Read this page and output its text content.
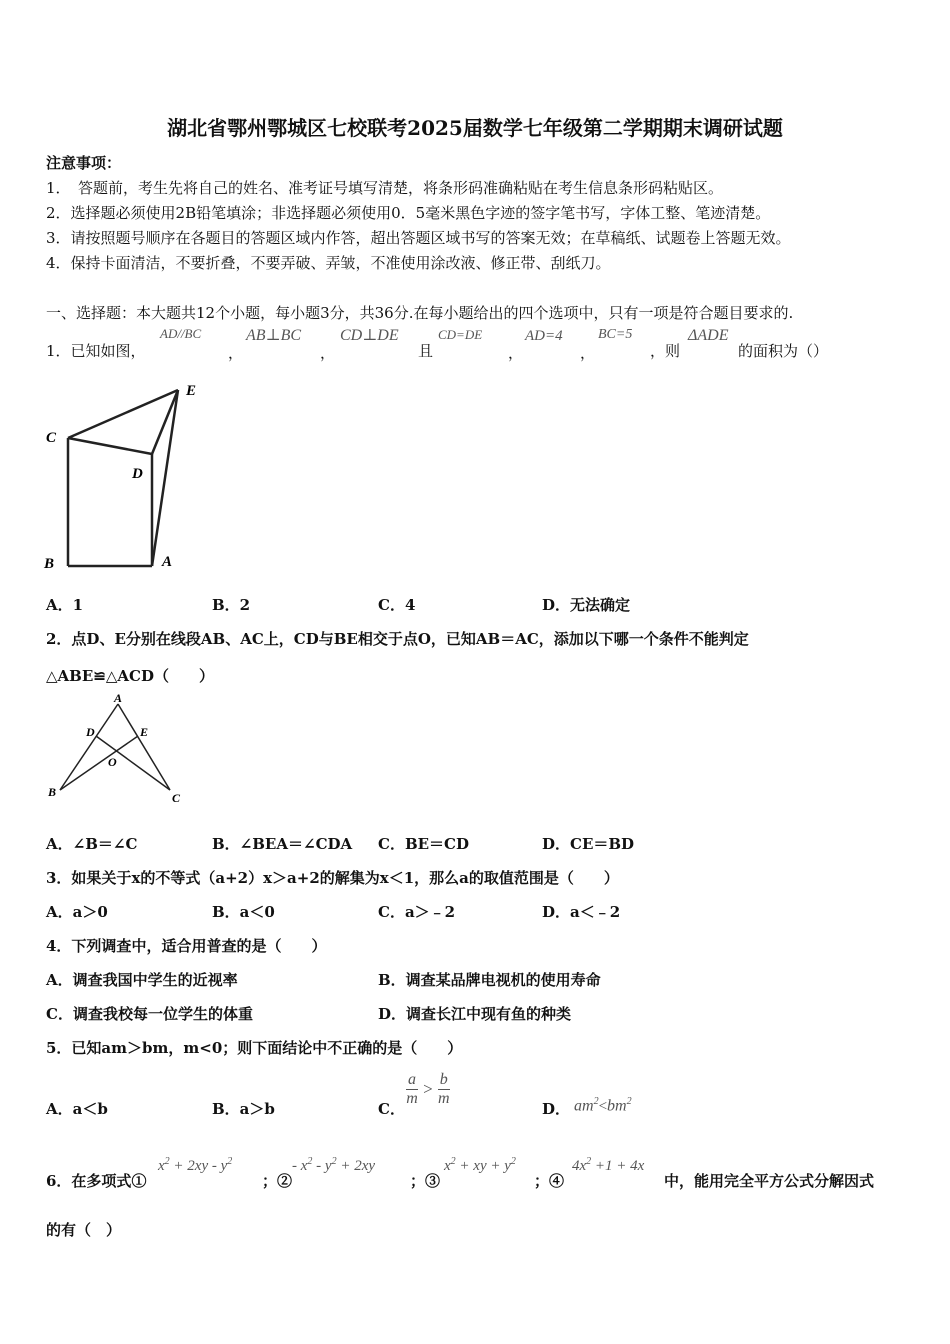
湖北省鄂州鄂城区七校联考2025届数学七年级第二学期期末调研试题
注意事项：
1．　答题前，考生先将自己的姓名、准考证号填写清楚，将条形码准确粘贴在考生信息条形码粘贴区。
2．选择题必须使用2B铅笔填涂；非选择题必须使用0．5毫米黑色字迹的签字笔书写，字体工整、笔迹清楚。
3．请按照题号顺序在各题目的答题区域内作答，超出答题区域书写的答案无效；在草稿纸、试题卷上答题无效。
4．保持卡面清洁，不要折叠，不要弄破、弄皱，不准使用涂改液、修正带、刮纸刀。
一、选择题：本大题共12个小题，每小题3分，共36分.在每小题给出的四个选项中，只有一项是符合题目要求的.
1．已知如图，
AD//BC
，
AB⊥BC
，
CD⊥DE
且
CD=DE
，
AD=4
，
BC=5
，则
ΔADE
的面积为（）
E
C
D
B	A
A．1	B．2	C．4	D．无法确定
2．点D、E分别在线段AB、AC上，CD与BE相交于点O，已知AB＝AC，添加以下哪一个条件不能判定
△ABE≌△ACD（　　）
A
D	E
O
B	C
A．∠B＝∠C	B．∠BEA＝∠CDA C．BE＝CD	D．CE＝BD
3．如果关于x的不等式（a+2）x＞a+2的解集为x＜1，那么a的取值范围是（　　）
A．a＞0	B．a＜0	C．a＞﹣2	D．a＜﹣2
4．下列调查中，适合用普查的是（　　）
A．调查我国中学生的近视率	B．调查某品牌电视机的使用寿命
C．调查我校每一位学生的体重	D．调查长江中现有鱼的种类
5．已知am＞bm，m<0；则下面结论中不正确的是（　　）
A．a＜b	B．a＞b	C．
$\frac{a}{m} > \frac{b}{m}$
D． $am^2<bm^2$
6．在多项式①
$x^2 + 2xy - y^2$
；②
- $x^2 - y^2 + 2xy$
；③
$x^2$ + xy + $y^2$
；④
$4x^2 +1 + 4x$
中，能用完全平方公式分解因式
的有（　）
